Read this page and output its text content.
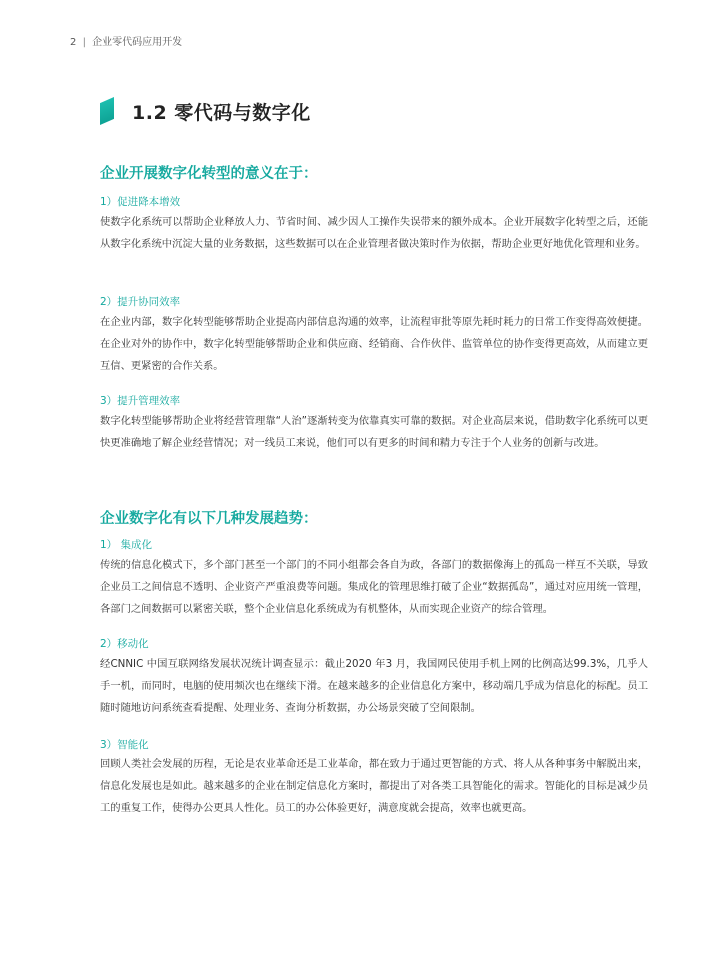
2 | 企业零代码应用开发
1.2 零代码与数字化
企业开展数字化转型的意义在于：
1）促进降本增效
使数字化系统可以帮助企业释放人力、节省时间、减少因人工操作失误带来的额外成本。企业开展数字化转型之后，还能从数字化系统中沉淀大量的业务数据，这些数据可以在企业管理者做决策时作为依据，帮助企业更好地优化管理和业务。
2）提升协同效率
在企业内部，数字化转型能够帮助企业提高内部信息沟通的效率，让流程审批等原先耗时耗力的日常工作变得高效便捷。在企业对外的协作中，数字化转型能够帮助企业和供应商、经销商、合作伙伴、监管单位的协作变得更高效，从而建立更互信、更紧密的合作关系。
3）提升管理效率
数字化转型能够帮助企业将经营管理靠“人治”逐渐转变为依靠真实可靠的数据。对企业高层来说，借助数字化系统可以更快更准确地了解企业经营情况；对一线员工来说，他们可以有更多的时间和精力专注于个人业务的创新与改进。
企业数字化有以下几种发展趋势：
1） 集成化
传统的信息化模式下，多个部门甚至一个部门的不同小组都会各自为政，各部门的数据像海上的孤岛一样互不关联，导致企业员工之间信息不透明、企业资产严重浪费等问题。集成化的管理思维打破了企业“数据孤岛”，通过对应用统一管理，各部门之间数据可以紧密关联，整个企业信息化系统成为有机整体，从而实现企业资产的综合管理。
2）移动化
经CNNIC 中国互联网络发展状况统计调查显示：截止2020 年3 月，我国网民使用手机上网的比例高达99.3%，几乎人手一机，而同时，电脑的使用频次也在继续下滑。在越来越多的企业信息化方案中，移动端几乎成为信息化的标配。员工随时随地访问系统查看提醒、处理业务、查询分析数据，办公场景突破了空间限制。
3）智能化
回顾人类社会发展的历程，无论是农业革命还是工业革命，都在致力于通过更智能的方式、将人从各种事务中解脱出来，信息化发展也是如此。越来越多的企业在制定信息化方案时，都提出了对各类工具智能化的需求。智能化的目标是减少员工的重复工作，使得办公更具人性化。员工的办公体验更好，满意度就会提高，效率也就更高。
